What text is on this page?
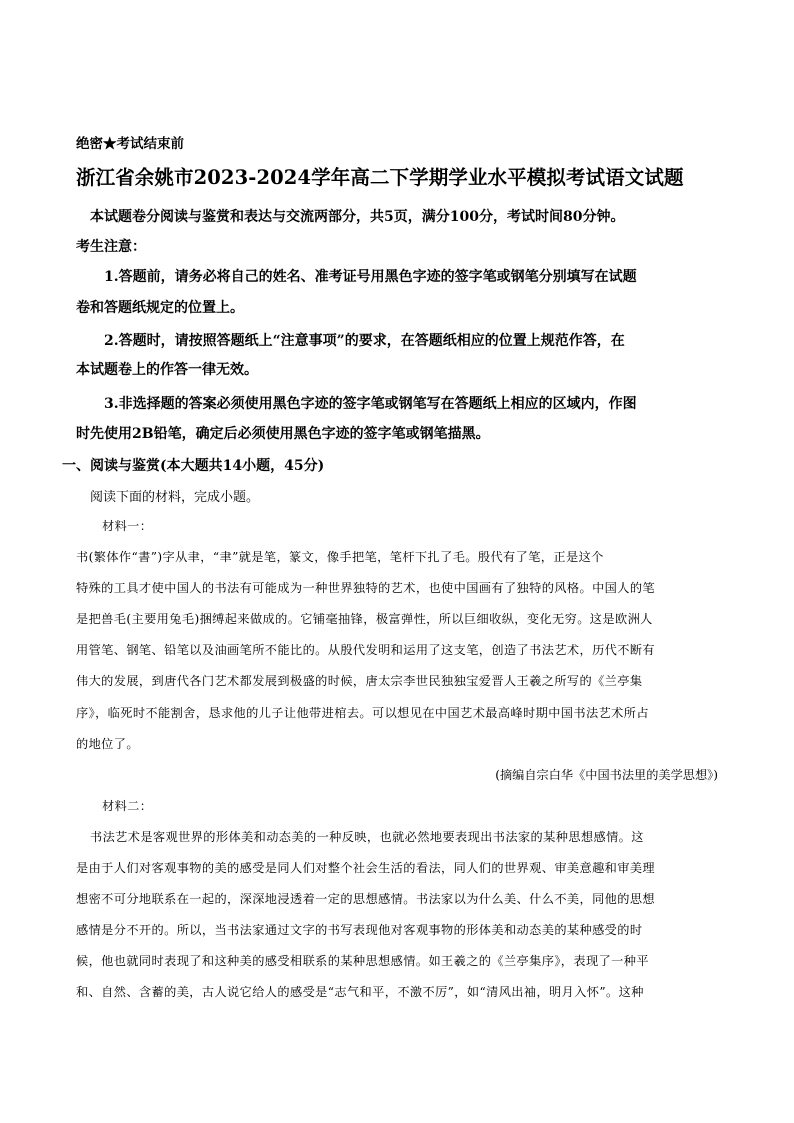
绝密★考试结束前
浙江省余姚市2023-2024学年高二下学期学业水平模拟考试语文试题
本试题卷分阅读与鉴赏和表达与交流两部分，共5页，满分100分，考试时间80分钟。
考生注意：
1.答题前，请务必将自己的姓名、准考证号用黑色字迹的签字笔或钢笔分别填写在试题
卷和答题纸规定的位置上。
2.答题时，请按照答题纸上“注意事项”的要求，在答题纸相应的位置上规范作答，在
本试题卷上的作答一律无效。
3.非选择题的答案必须使用黑色字迹的签字笔或钢笔写在答题纸上相应的区域内，作图
时先使用2B铅笔，确定后必须使用黑色字迹的签字笔或钢笔描黑。
一、阅读与鉴赏(本大题共14小题，45分)
阅读下面的材料，完成小题。
材料一：
书(繁体作“書”)字从聿，“聿”就是笔，篆文，像手把笔，笔杆下扎了毛。殷代有了笔，正是这个
特殊的工具才使中国人的书法有可能成为一种世界独特的艺术，也使中国画有了独特的风格。中国人的笔
是把兽毛(主要用兔毛)捆缚起来做成的。它铺毫抽锋，极富弹性，所以巨细收纵，变化无穷。这是欧洲人
用管笔、钢笔、铅笔以及油画笔所不能比的。从殷代发明和运用了这支笔，创造了书法艺术，历代不断有
伟大的发展，到唐代各门艺术都发展到极盛的时候，唐太宗李世民独独宝爱晋人王羲之所写的《兰亭集
序》，临死时不能割舍，恳求他的儿子让他带进棺去。可以想见在中国艺术最高峰时期中国书法艺术所占
的地位了。
(摘编自宗白华《中国书法里的美学思想》)
材料二：
书法艺术是客观世界的形体美和动态美的一种反映，也就必然地要表现出书法家的某种思想感情。这
是由于人们对客观事物的美的感受是同人们对整个社会生活的看法，同人们的世界观、审美意趣和审美理
想密不可分地联系在一起的，深深地浸透着一定的思想感情。书法家以为什么美、什么不美，同他的思想
感情是分不开的。所以，当书法家通过文字的书写表现他对客观事物的形体美和动态美的某种感受的时
候，他也就同时表现了和这种美的感受相联系的某种思想感情。如王羲之的《兰亭集序》，表现了一种平
和、自然、含蓄的美，古人说它给人的感受是“志气和平，不激不厉”，如“清风出袖，明月入怀”。这种
